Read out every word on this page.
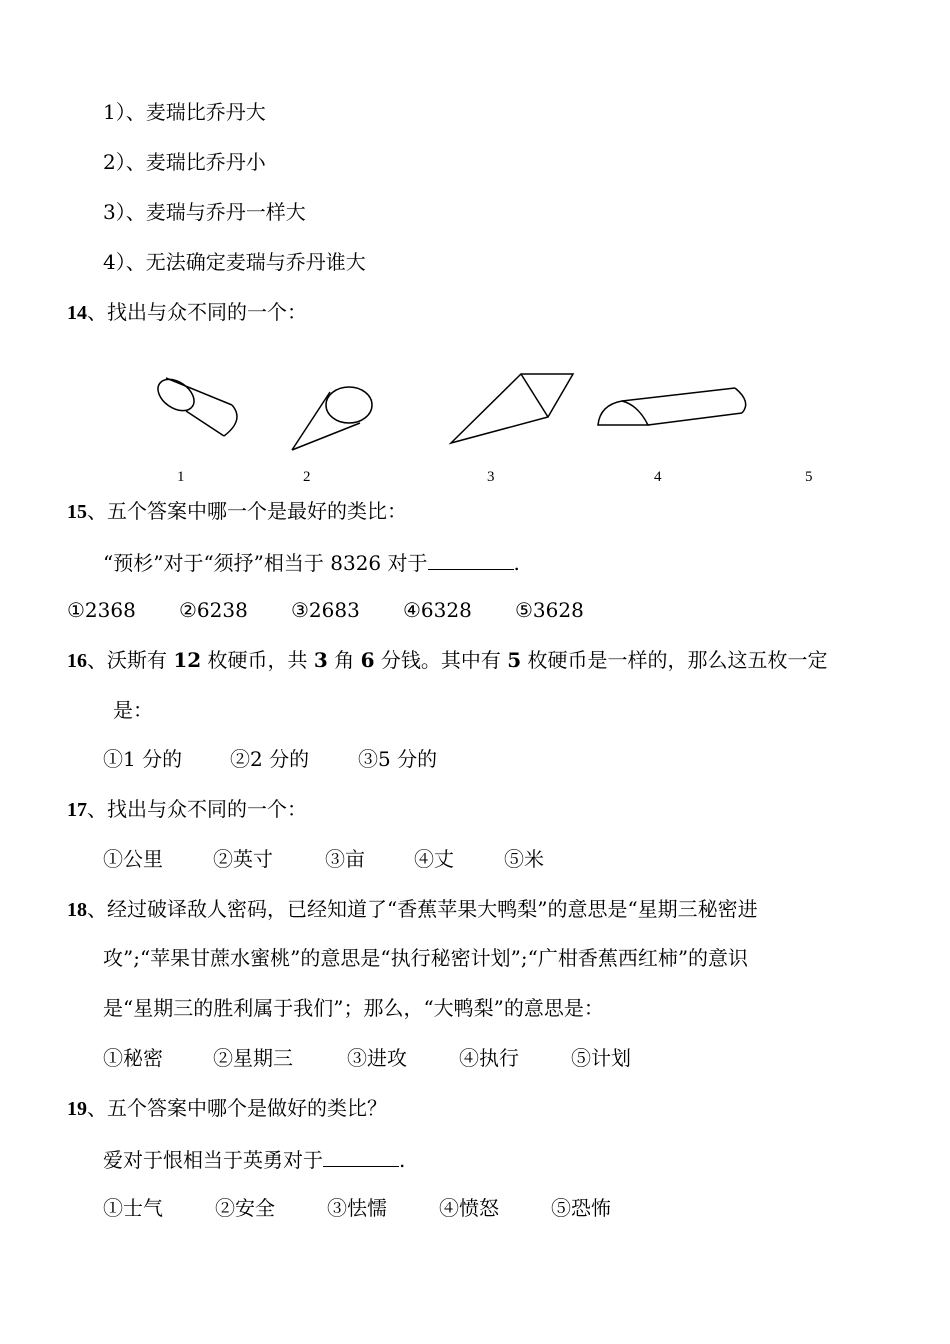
1）、麦瑞比乔丹大
2）、麦瑞比乔丹小
3）、麦瑞与乔丹一样大
4）、无法确定麦瑞与乔丹谁大
14、找出与众不同的一个：
1	2	3	4	5
15、五个答案中哪一个是最好的类比：
“预杉”对于“须抒”相当于 8326 对于	.
①2368 ②6238 ③2683 ④6328 ⑤3628
16、沃斯有 12 枚硬币，共 3 角 6 分钱。其中有 5 枚硬币是一样的，那么这五枚一定
是：
①1 分的 ②2 分的 ③5 分的
17、找出与众不同的一个：
①公里	②英寸	③亩 ④丈	⑤米
18、经过破译敌人密码，已经知道了“香蕉苹果大鸭梨”的意思是“星期三秘密进
攻”;“苹果甘蔗水蜜桃”的意思是“执行秘密计划”;“广柑香蕉西红柿”的意识
是“星期三的胜利属于我们”；那么，“大鸭梨”的意思是：
①秘密	②星期三	③进攻	④执行	⑤计划
19、五个答案中哪个是做好的类比？
爱对于恨相当于英勇对于	.
①士气	②安全	③怯懦	④愤怒	⑤恐怖
